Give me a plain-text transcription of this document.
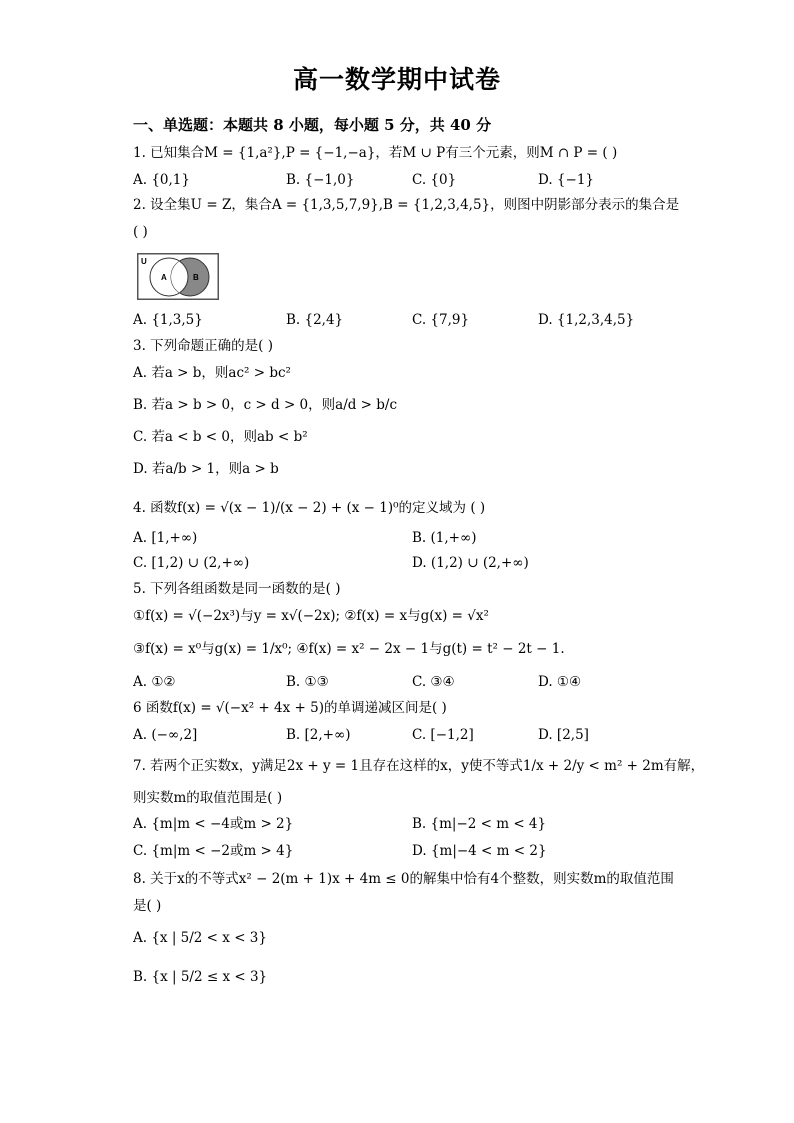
高一数学期中试卷
一、单选题：本题共 8 小题，每小题 5 分，共 40 分
1. 已知集合M = {1,a²},P = {−1,−a}，若M ∪ P有三个元素，则M ∩ P = ( )
A. {0,1}	B. {−1,0}	C. {0}	D. {−1}
2. 设全集U = Z，集合A = {1,3,5,7,9},B = {1,2,3,4,5}，则图中阴影部分表示的集合是
( )
U
A	B
A. {1,3,5}	B. {2,4}	C. {7,9}	D. {1,2,3,4,5}
3. 下列命题正确的是( )
A. 若a > b，则ac² > bc²
B. 若a > b > 0，c > d > 0，则a/d > b/c
C. 若a < b < 0，则ab < b²
D. 若a/b > 1，则a > b
4. 函数f(x) = √(x − 1)/(x − 2) + (x − 1)⁰的定义域为 ( )
A. [1,+∞)	B. (1,+∞)
C. [1,2) ∪ (2,+∞)	D. (1,2) ∪ (2,+∞)
5. 下列各组函数是同一函数的是( )
①f(x) = √(−2x³)与y = x√(−2x); ②f(x) = x与g(x) = √x²
③f(x) = x⁰与g(x) = 1/x⁰; ④f(x) = x² − 2x − 1与g(t) = t² − 2t − 1.
A. ①②	B. ①③	C. ③④	D. ①④
6 函数f(x) = √(−x² + 4x + 5)的单调递减区间是( )
A. (−∞,2]	B. [2,+∞)	C. [−1,2]	D. [2,5]
7. 若两个正实数x，y满足2x + y = 1且存在这样的x，y使不等式1/x + 2/y < m² + 2m有解，
则实数m的取值范围是( )
A. {m|m < −4或m > 2}	B. {m|−2 < m < 4}
C. {m|m < −2或m > 4}	D. {m|−4 < m < 2}
8. 关于x的不等式x² − 2(m + 1)x + 4m ≤ 0的解集中恰有4个整数，则实数m的取值范围
是( )
A. {x | 5/2 < x < 3}
B. {x | 5/2 ≤ x < 3}
